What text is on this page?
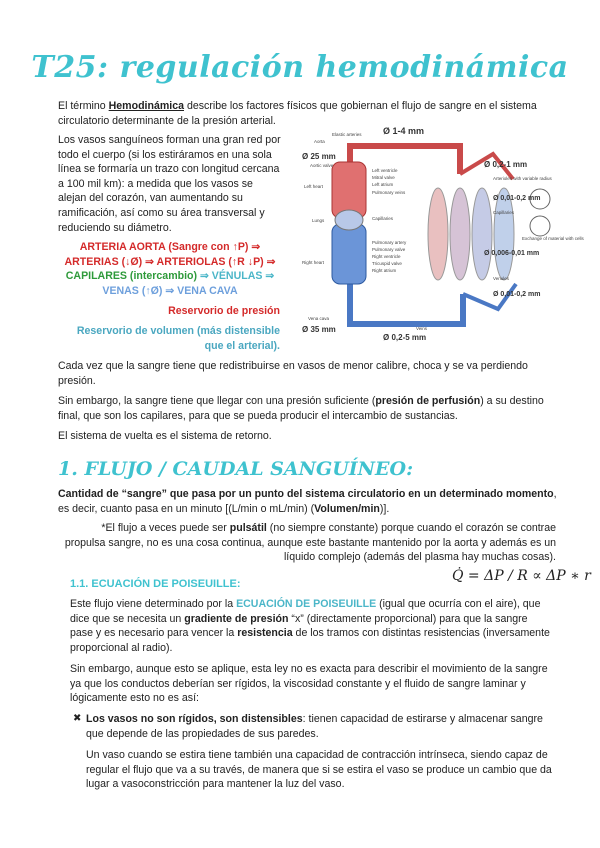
T25: regulación hemodinámica
El término Hemodinámica describe los factores físicos que gobiernan el flujo de sangre en el sistema circulatorio determinante de la presión arterial.
Los vasos sanguíneos forman una gran red por todo el cuerpo (si los estiráramos en una sola línea se formaría un trazo con longitud cercana a 100 mil km): a medida que los vasos se alejan del corazón, van aumentando su ramificación, así como su área transversal y reduciendo su diámetro.
ARTERIA AORTA (Sangre con ↑P) ⇒
ARTERIAS (↓Ø) ⇒ ARTERIOLAS (↑R ↓P) ⇒
CAPILARES (intercambio) ⇒ VÉNULAS ⇒
VENAS (↑Ø) ⇒ VENA CAVA
Reservorio de presión
Reservorio de volumen (más distensible que el arterial).
Ø 1-4 mm
Ø 25 mm
Ø 0,2-1 mm
Ø 0,01-0,2 mm
Ø 0,006-0,01 mm
Ø 0,01-0,2 mm
Ø 35 mm
Ø 0,2-5 mm
Elastic arteries
Aorta
Aortic valve
Left ventricle
Mitral valve
Left atrium
Pulmonary veins
Left heart
Lungs	Capillaries
Pulmonary artery
Pulmonary valve
Right ventricle
Tricuspid valve
Right atrium
Right heart
Vena cava
Veins
Venules
Arterioles with variable radius
Capillaries
Exchange of material with cells
Cada vez que la sangre tiene que redistribuirse en vasos de menor calibre, choca y se va perdiendo presión.
Sin embargo, la sangre tiene que llegar con una presión suficiente (presión de perfusión) a su destino final, que son los capilares, para que se pueda producir el intercambio de sustancias.
El sistema de vuelta es el sistema de retorno.
1. FLUJO / CAUDAL SANGUÍNEO:
Cantidad de “sangre” que pasa por un punto del sistema circulatorio en un determinado momento, es decir, cuanto pasa en un minuto [(L/min o mL/min) (Volumen/min)].
*El flujo a veces puede ser pulsátil (no siempre constante) porque cuando el corazón se contrae propulsa sangre, no es una cosa continua, aunque este bastante mantenido por la aorta y además es un líquido complejo (además del plasma hay muchas cosas).
1.1. ECUACIÓN DE POISEUILLE:	Q̇ = ΔP / R ∝ ΔP ∗ r
Este flujo viene determinado por la ECUACIÓN DE POISEUILLE (igual que ocurría con el aire), que dice que se necesita un gradiente de presión “x” (directamente proporcional) para que la sangre pase y es necesario para vencer la resistencia de los tramos con distintas resistencias (inversamente proporcional al radio).
Sin embargo, aunque esto se aplique, esta ley no es exacta para describir el movimiento de la sangre ya que los conductos deberían ser rígidos, la viscosidad constante y el fluido de sangre laminar y lógicamente esto no es así:
✖ Los vasos no son rígidos, son distensibles: tienen capacidad de estirarse y almacenar sangre que depende de las propiedades de sus paredes.
Un vaso cuando se estira tiene también una capacidad de contracción intrínseca, siendo capaz de regular el flujo que va a su través, de manera que si se estira el vaso se produce un cambio que da lugar a vasoconstricción para mantener la luz del vaso.
